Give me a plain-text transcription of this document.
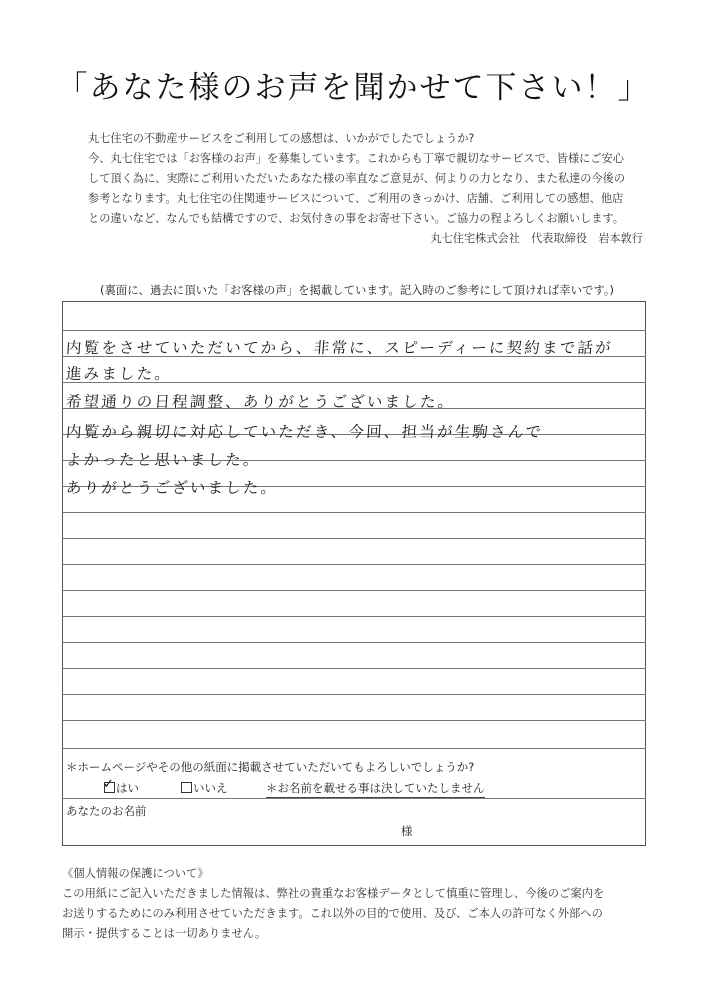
「あなた様のお声を聞かせて下さい！」
丸七住宅の不動産サービスをご利用しての感想は、いかがでしたでしょうか?
今、丸七住宅では「お客様のお声」を募集しています。これからも丁寧で親切なサービスで、皆様にご安心
して頂く為に、実際にご利用いただいたあなた様の率直なご意見が、何よりの力となり、また私達の今後の
参考となります。丸七住宅の住関連サービスについて、ご利用のきっかけ、店舗、ご利用しての感想、他店
との違いなど、なんでも結構ですので、お気付きの事をお寄せ下さい。ご協力の程よろしくお願いします。
丸七住宅株式会社　代表取締役　岩本敦行
(裏面に、過去に頂いた「お客様の声」を掲載しています。記入時のご参考にして頂ければ幸いです。)
内覧をさせていただいてから、非常に、スピーディーに契約まで話が
進みました。
希望通りの日程調整、ありがとうございました。
内覧から親切に対応していただき、今回、担当が生駒さんで
よかったと思いました。
ありがとうございました。
＊ホームページやその他の紙面に掲載させていただいてもよろしいでしょうか?
✓ はい	いいえ	＊お名前を載せる事は決していたしません
あなたのお名前
様
《個人情報の保護について》
この用紙にご記入いただきました情報は、弊社の貴重なお客様データとして慎重に管理し、今後のご案内を
お送りするためにのみ利用させていただきます。これ以外の目的で使用、及び、ご本人の許可なく外部への
開示・提供することは一切ありません。
